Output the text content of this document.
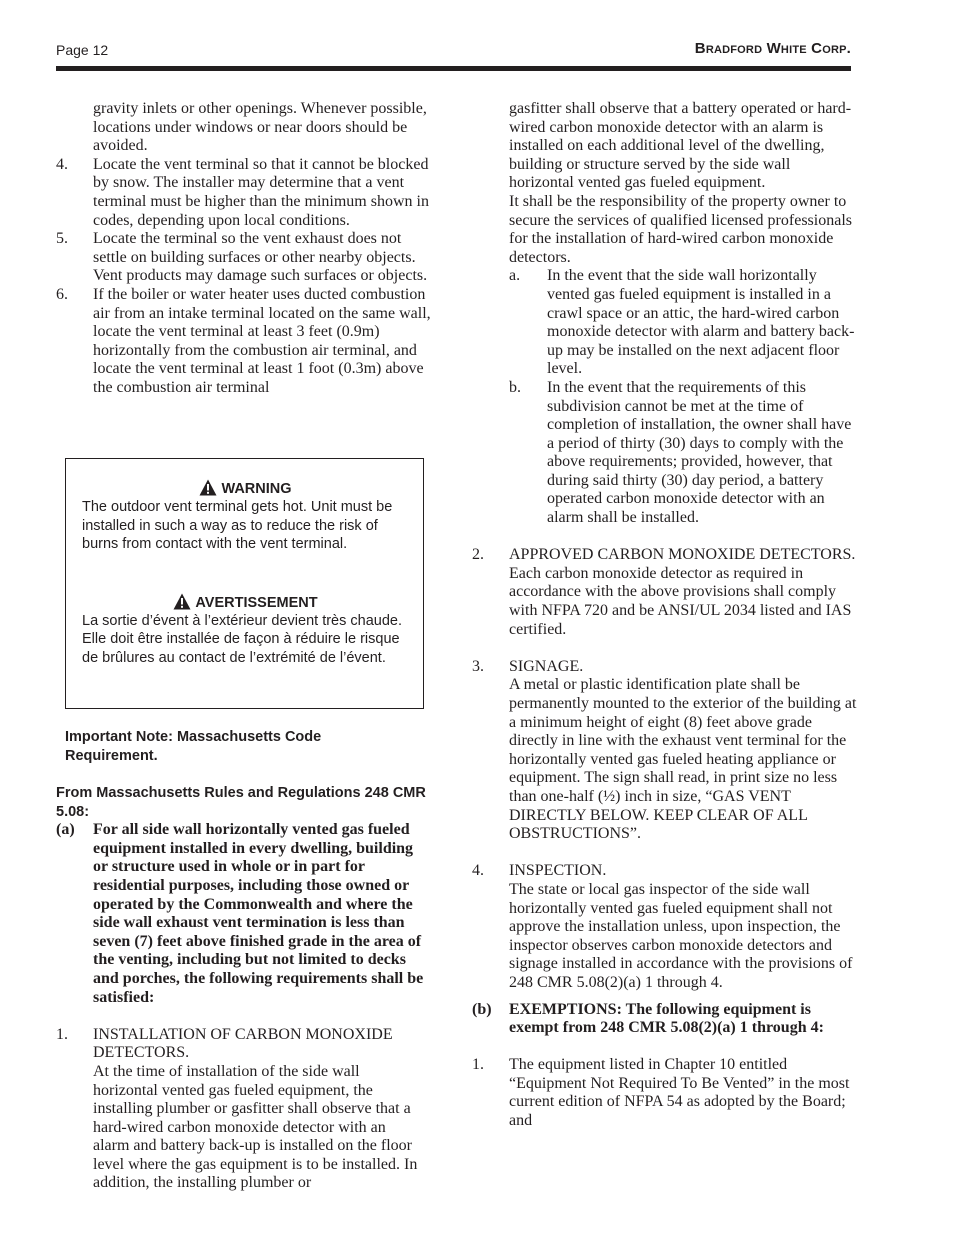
Page 12	Bradford White Corp.
gravity inlets or other openings. Whenever possible, locations under windows or near doors should be avoided.
4. Locate the vent terminal so that it cannot be blocked by snow. The installer may determine that a vent terminal must be higher than the minimum shown in codes, depending upon local conditions.
5. Locate the terminal so the vent exhaust does not settle on building surfaces or other nearby objects. Vent products may damage such surfaces or objects.
6. If the boiler or water heater uses ducted combustion air from an intake terminal located on the same wall, locate the vent terminal at least 3 feet (0.9m) horizontally from the combustion air terminal, and locate the vent terminal at least 1 foot (0.3m) above the combustion air terminal
WARNING

The outdoor vent terminal gets hot. Unit must be installed in such a way as to reduce the risk of burns from contact with the vent terminal.

AVERTISSEMENT

La sortie d’évent à l’extérieur devient très chaude. Elle doit être installée de façon à réduire le risque de brûlures au contact de l’extrémité de l’évent.

Important Note: Massachusetts Code Requirement.
From Massachusetts Rules and Regulations 248 CMR 5.08:
(a) For all side wall horizontally vented gas fueled equipment installed in every dwelling, building or structure used in whole or in part for residential purposes, including those owned or operated by the Commonwealth and where the side wall exhaust vent termination is less than seven (7) feet above finished grade in the area of the venting, including but not limited to decks and porches, the following requirements shall be satisfied:
1. INSTALLATION OF CARBON MONOXIDE DETECTORS.
At the time of installation of the side wall horizontal vented gas fueled equipment, the installing plumber or gasfitter shall observe that a hard-wired carbon monoxide detector with an alarm and battery back-up is installed on the floor level where the gas equipment is to be installed. In addition, the installing plumber or
gasfitter shall observe that a battery operated or hard-wired carbon monoxide detector with an alarm is installed on each additional level of the dwelling, building or structure served by the side wall horizontal vented gas fueled equipment.
It shall be the responsibility of the property owner to secure the services of qualified licensed professionals for the installation of hard-wired carbon monoxide detectors.
a. In the event that the side wall horizontally vented gas fueled equipment is installed in a crawl space or an attic, the hard-wired carbon monoxide detector with alarm and battery back-up may be installed on the next adjacent floor level.
b. In the event that the requirements of this subdivision cannot be met at the time of completion of installation, the owner shall have a period of thirty (30) days to comply with the above requirements; provided, however, that during said thirty (30) day period, a battery operated carbon monoxide detector with an alarm shall be installed.
2. APPROVED CARBON MONOXIDE DETECTORS.
Each carbon monoxide detector as required in accordance with the above provisions shall comply with NFPA 720 and be ANSI/UL 2034 listed and IAS certified.
3. SIGNAGE.
A metal or plastic identification plate shall be permanently mounted to the exterior of the building at a minimum height of eight (8) feet above grade directly in line with the exhaust vent terminal for the horizontally vented gas fueled heating appliance or equipment. The sign shall read, in print size no less than one-half (½) inch in size, “GAS VENT DIRECTLY BELOW. KEEP CLEAR OF ALL OBSTRUCTIONS”.
4. INSPECTION.
The state or local gas inspector of the side wall horizontally vented gas fueled equipment shall not approve the installation unless, upon inspection, the inspector observes carbon monoxide detectors and signage installed in accordance with the provisions of 248 CMR 5.08(2)(a) 1 through 4.
(b) EXEMPTIONS: The following equipment is exempt from 248 CMR 5.08(2)(a) 1 through 4:
1. The equipment listed in Chapter 10 entitled “Equipment Not Required To Be Vented” in the most current edition of NFPA 54 as adopted by the Board; and
